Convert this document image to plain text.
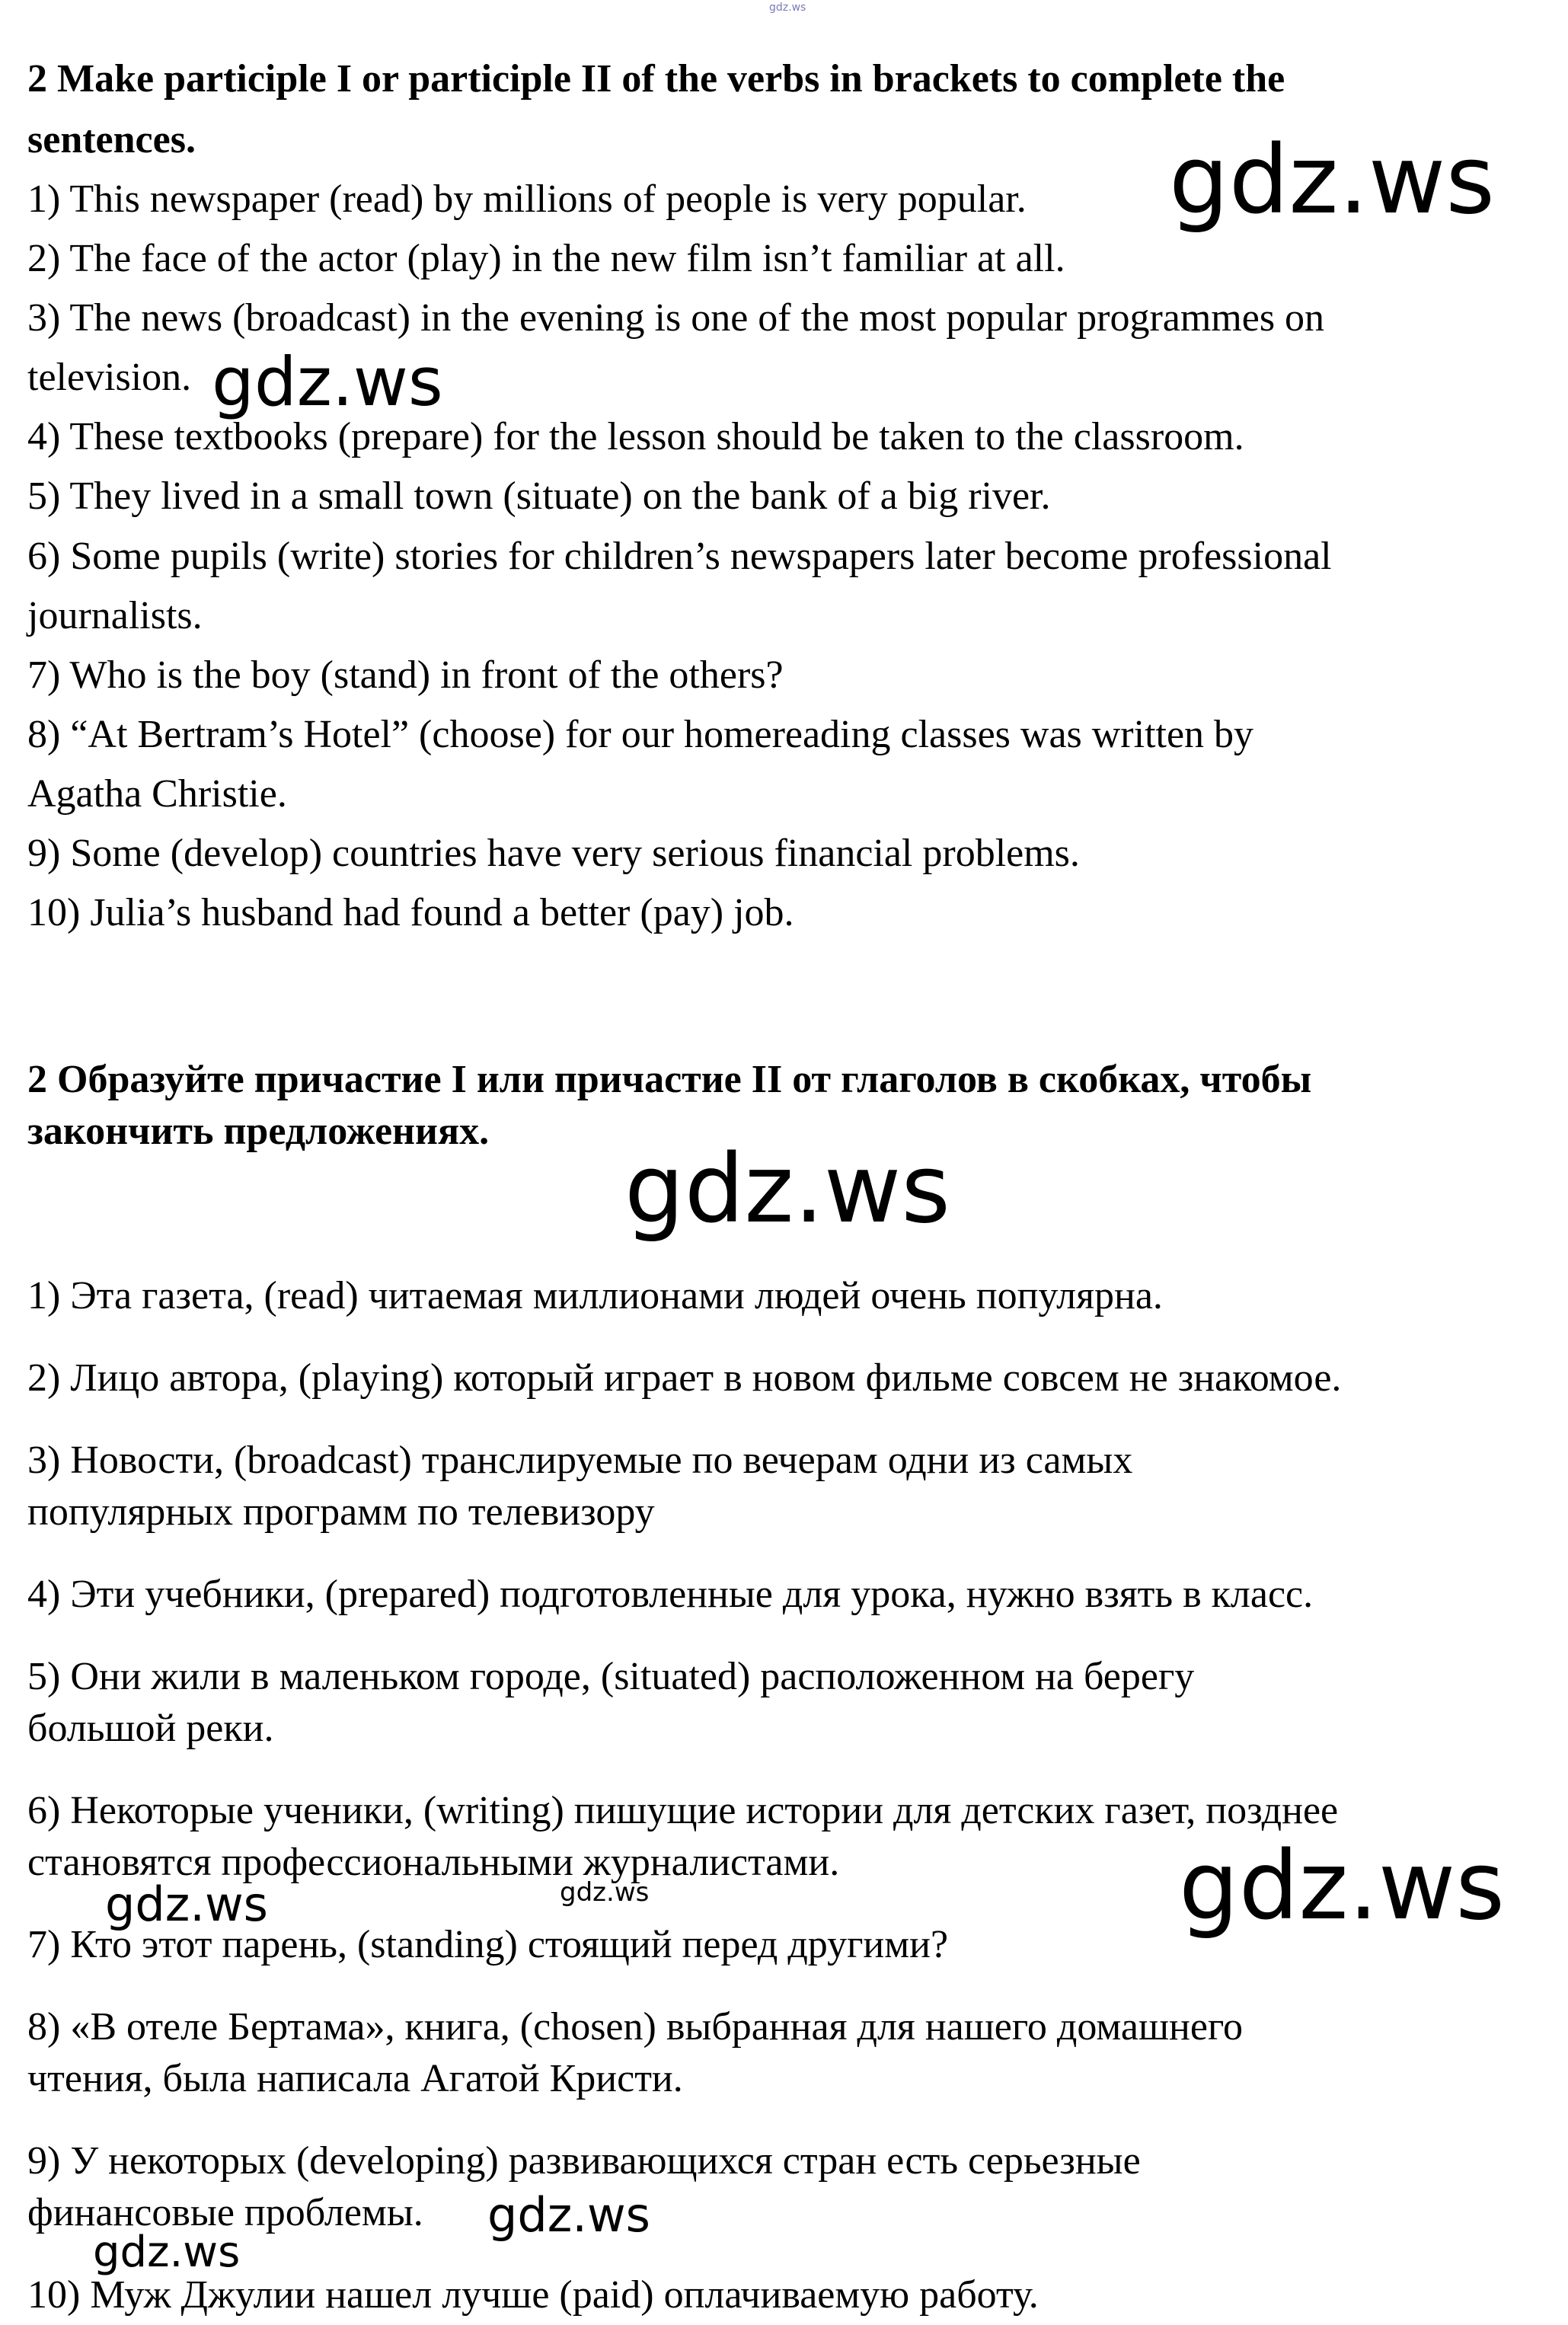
gdz.ws
2 Make participle I or participle II of the verbs in brackets to complete the
sentences.
1) This newspaper (read) by millions of people is very popular.
2) The face of the actor (play) in the new film isn’t familiar at all.
3) The news (broadcast) in the evening is one of the most popular programmes on
television.
4) These textbooks (prepare) for the lesson should be taken to the classroom.
5) They lived in a small town (situate) on the bank of a big river.
6) Some pupils (write) stories for children’s newspapers later become professional
journalists.
7) Who is the boy (stand) in front of the others?
8) “At Bertram’s Hotel” (choose) for our homereading classes was written by
Agatha Christie.
9) Some (develop) countries have very serious financial problems.
10) Julia’s husband had found a better (pay) job.
2 Образуйте причастие I или причастие II от глаголов в скобках, чтобы
закончить предложениях.
1) Эта газета, (read) читаемая миллионами людей очень популярна.
2) Лицо автора, (playing) который играет в новом фильме совсем не знакомое.
3) Новости, (broadcast) транслируемые по вечерам одни из самых
популярных программ по телевизору
4) Эти учебники, (prepared) подготовленные для урока, нужно взять в класс.
5) Они жили в маленьком городе, (situated) расположенном на берегу
большой реки.
6) Некоторые ученики, (writing) пишущие истории для детских газет, позднее
становятся профессиональными журналистами.
7) Кто этот парень, (standing) стоящий перед другими?
8) «В отеле Бертама», книга, (chosen) выбранная для нашего домашнего
чтения, была написала Агатой Кристи.
9) У некоторых (developing) развивающихся стран есть серьезные
финансовые проблемы.
10) Муж Джулии нашел лучше (paid) оплачиваемую работу.
gdz.ws
gdz.ws
gdz.ws
gdz.ws
gdz.ws	gdz.ws
gdz.ws
gdz.ws
